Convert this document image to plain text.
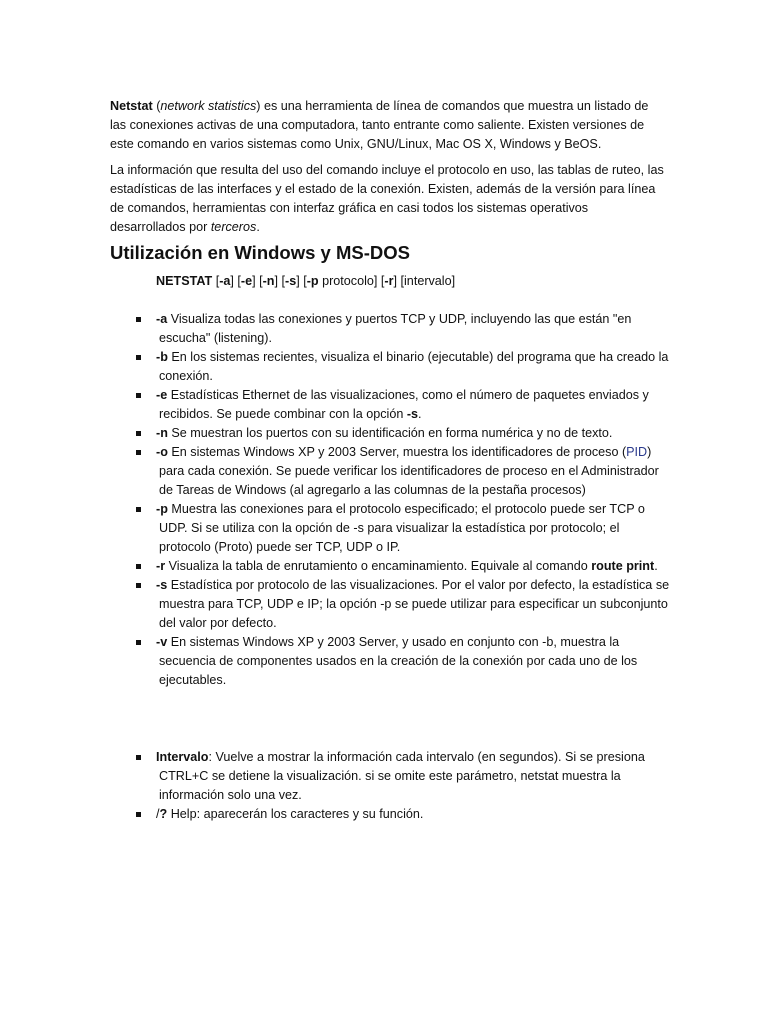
Netstat (network statistics) es una herramienta de línea de comandos que muestra un listado de las conexiones activas de una computadora, tanto entrante como saliente. Existen versiones de este comando en varios sistemas como Unix, GNU/Linux, Mac OS X, Windows y BeOS.

La información que resulta del uso del comando incluye el protocolo en uso, las tablas de ruteo, las estadísticas de las interfaces y el estado de la conexión. Existen, además de la versión para línea de comandos, herramientas con interfaz gráfica en casi todos los sistemas operativos desarrollados por terceros.

Utilización en Windows y MS-DOS

NETSTAT [-a] [-e] [-n] [-s] [-p protocolo] [-r] [intervalo]

-a Visualiza todas las conexiones y puertos TCP y UDP, incluyendo las que están "en escucha" (listening).
-b En los sistemas recientes, visualiza el binario (ejecutable) del programa que ha creado la conexión.
-e Estadísticas Ethernet de las visualizaciones, como el número de paquetes enviados y recibidos. Se puede combinar con la opción -s.
-n Se muestran los puertos con su identificación en forma numérica y no de texto.
-o En sistemas Windows XP y 2003 Server, muestra los identificadores de proceso (PID) para cada conexión. Se puede verificar los identificadores de proceso en el Administrador de Tareas de Windows (al agregarlo a las columnas de la pestaña procesos)
-p Muestra las conexiones para el protocolo especificado; el protocolo puede ser TCP o UDP. Si se utiliza con la opción de -s para visualizar la estadística por protocolo; el protocolo (Proto) puede ser TCP, UDP o IP.
-r Visualiza la tabla de enrutamiento o encaminamiento. Equivale al comando route print.
-s Estadística por protocolo de las visualizaciones. Por el valor por defecto, la estadística se muestra para TCP, UDP e IP; la opción -p se puede utilizar para especificar un subconjunto del valor por defecto.
-v En sistemas Windows XP y 2003 Server, y usado en conjunto con -b, muestra la secuencia de componentes usados en la creación de la conexión por cada uno de los ejecutables.
Intervalo: Vuelve a mostrar la información cada intervalo (en segundos). Si se presiona CTRL+C se detiene la visualización. si se omite este parámetro, netstat muestra la información solo una vez.
/? Help: aparecerán los caracteres y su función.
